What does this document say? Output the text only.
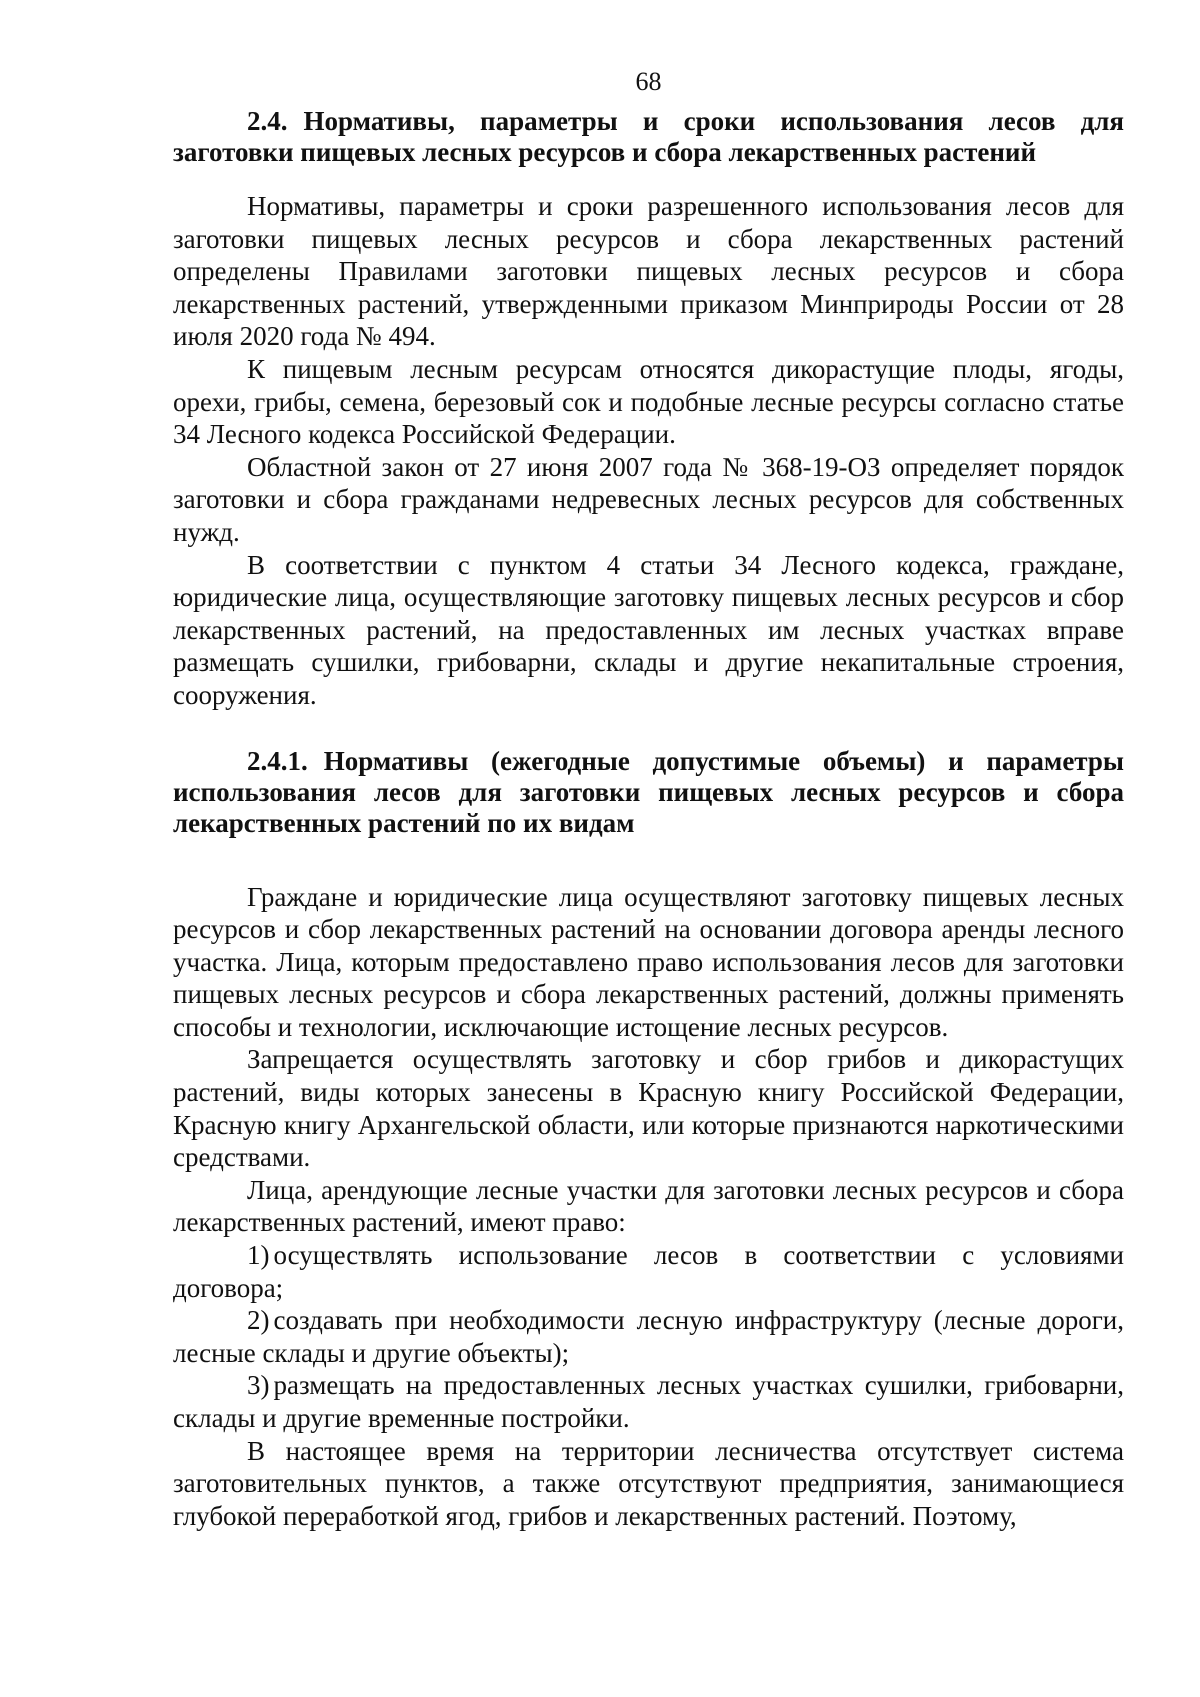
68
2.4. Нормативы, параметры и сроки использования лесов для заготовки пищевых лесных ресурсов и сбора лекарственных растений

Нормативы, параметры и сроки разрешенного использования лесов для заготовки пищевых лесных ресурсов и сбора лекарственных растений определены Правилами заготовки пищевых лесных ресурсов и сбора лекарственных растений, утвержденными приказом Минприроды России от 28 июля 2020 года № 494.

К пищевым лесным ресурсам относятся дикорастущие плоды, ягоды, орехи, грибы, семена, березовый сок и подобные лесные ресурсы согласно статье 34 Лесного кодекса Российской Федерации.

Областной закон от 27 июня 2007 года № 368-19-ОЗ определяет порядок заготовки и сбора гражданами недревесных лесных ресурсов для собственных нужд.

В соответствии с пунктом 4 статьи 34 Лесного кодекса, граждане, юридические лица, осуществляющие заготовку пищевых лесных ресурсов и сбор лекарственных растений, на предоставленных им лесных участках вправе размещать сушилки, грибоварни, склады и другие некапитальные строения, сооружения.

2.4.1. Нормативы (ежегодные допустимые объемы) и параметры использования лесов для заготовки пищевых лесных ресурсов и сбора лекарственных растений по их видам

Граждане и юридические лица осуществляют заготовку пищевых лесных ресурсов и сбор лекарственных растений на основании договора аренды лесного участка. Лица, которым предоставлено право использования лесов для заготовки пищевых лесных ресурсов и сбора лекарственных растений, должны применять способы и технологии, исключающие истощение лесных ресурсов.

Запрещается осуществлять заготовку и сбор грибов и дикорастущих растений, виды которых занесены в Красную книгу Российской Федерации, Красную книгу Архангельской области, или которые признаются наркотическими средствами.

Лица, арендующие лесные участки для заготовки лесных ресурсов и сбора лекарственных растений, имеют право:

1) осуществлять использование лесов в соответствии с условиями договора;

2) создавать при необходимости лесную инфраструктуру (лесные дороги, лесные склады и другие объекты);

3) размещать на предоставленных лесных участках сушилки, грибоварни, склады и другие временные постройки.

В настоящее время на территории лесничества отсутствует система заготовительных пунктов, а также отсутствуют предприятия, занимающиеся глубокой переработкой ягод, грибов и лекарственных растений. Поэтому,
